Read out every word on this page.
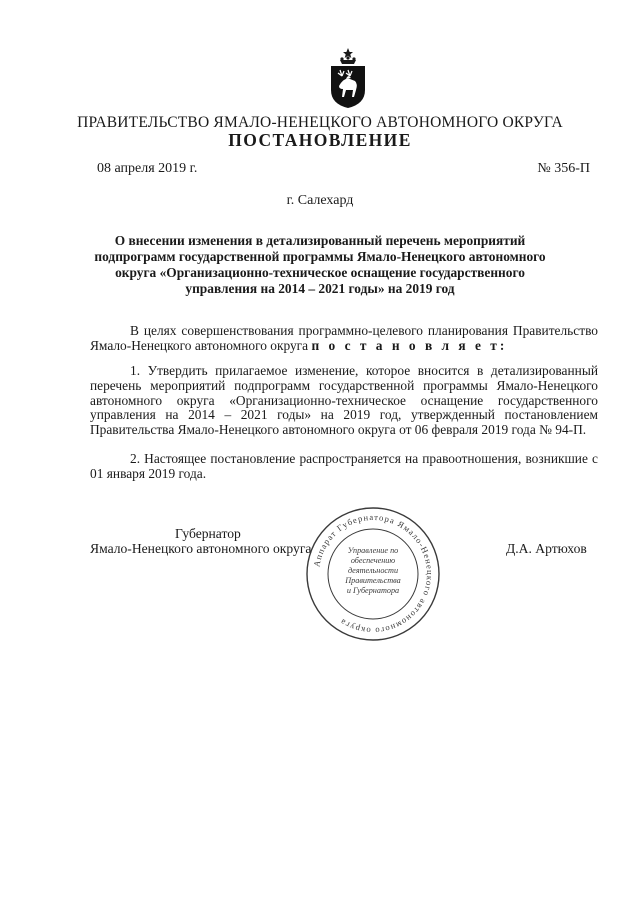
ПРАВИТЕЛЬСТВО ЯМАЛО-НЕНЕЦКОГО АВТОНОМНОГО ОКРУГА
ПОСТАНОВЛЕНИЕ
08 апреля 2019 г.	№ 356-П
г. Салехард
О внесении изменения в детализированный перечень мероприятий подпрограмм государственной программы Ямало-Ненецкого автономного округа «Организационно-техническое оснащение государственного управления на 2014 – 2021 годы» на 2019 год
В целях совершенствования программно-целевого планирования Правительство Ямало-Ненецкого автономного округа п о с т а н о в л я е т:
1. Утвердить прилагаемое изменение, которое вносится в детализированный перечень мероприятий подпрограмм государственной программы Ямало-Ненецкого автономного округа «Организационно-техническое оснащение государственного управления на 2014 – 2021 годы» на 2019 год, утвержденный постановлением Правительства Ямало-Ненецкого автономного округа от 06 февраля 2019 года № 94-П.
2. Настоящее постановление распространяется на правоотношения, возникшие с 01 января 2019 года.
Губернатор
Ямало-Ненецкого автономного округа	Д.А. Артюхов
Аппарат Губернатора Ямало-Ненецкого автономного округа
Управление по
обеспечению
деятельности
Правительства
и Губернатора
